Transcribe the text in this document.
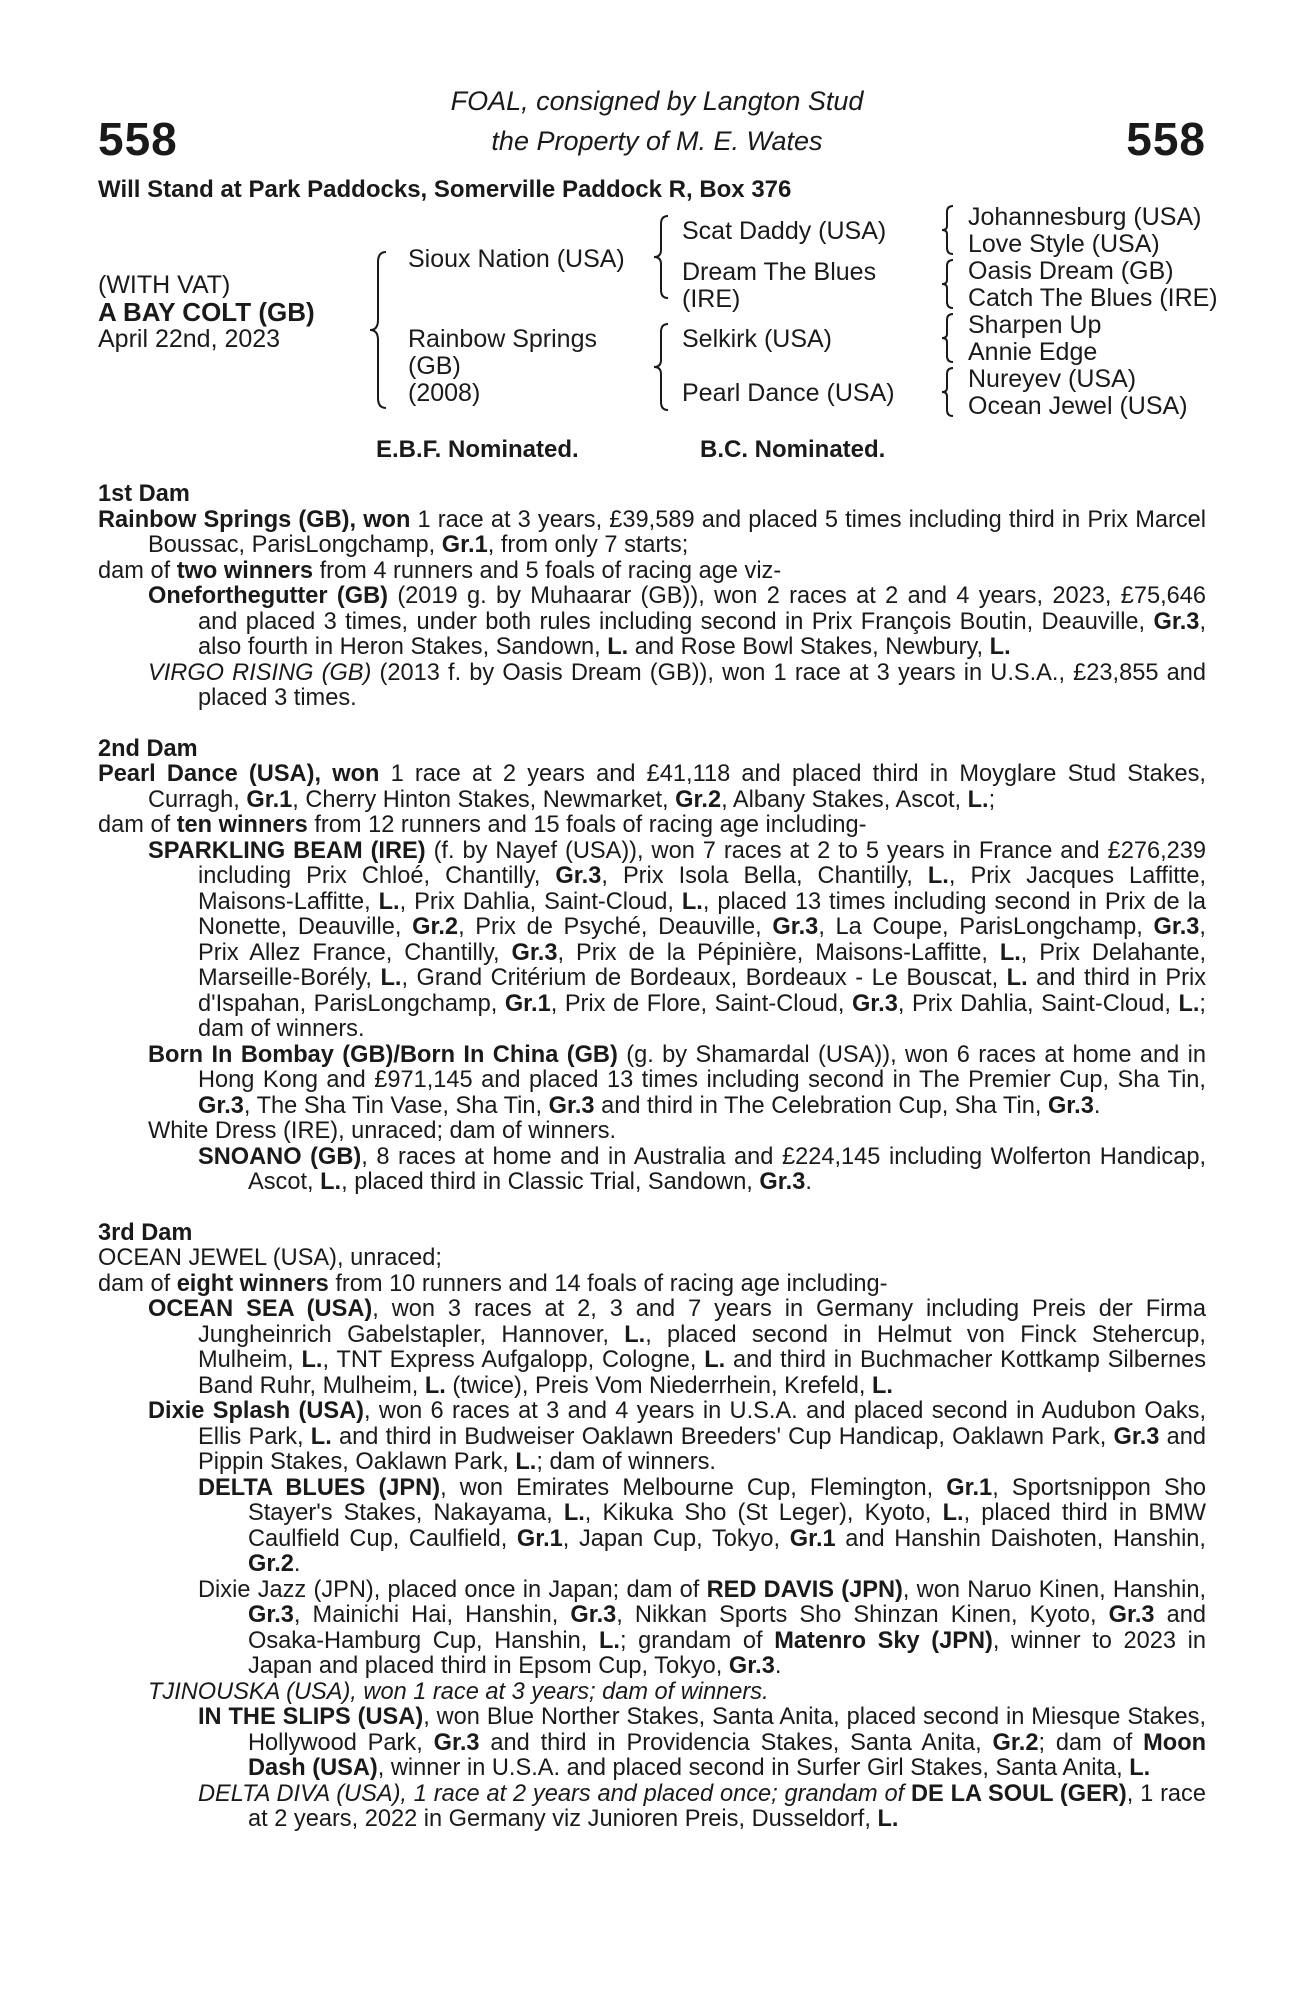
558	558
FOAL, consigned by Langton Stud
the Property of M. E. Wates
Will Stand at Park Paddocks, Somerville Paddock R, Box 376
(WITH VAT)
A BAY COLT (GB)
April 22nd, 2023
Sioux Nation (USA)
Rainbow Springs
(GB)
(2008)
Scat Daddy (USA)
Dream The Blues
(IRE)
Selkirk (USA)
Pearl Dance (USA)
Johannesburg (USA)
Love Style (USA)
Oasis Dream (GB)
Catch The Blues (IRE)
Sharpen Up
Annie Edge
Nureyev (USA)
Ocean Jewel (USA)
E.B.F. Nominated.	B.C. Nominated.

1st Dam

Rainbow Springs (GB), won 1 race at 3 years, £39,589 and placed 5 times including third in Prix Marcel Boussac, ParisLongchamp, Gr.1, from only 7 starts;

dam of two winners from 4 runners and 5 foals of racing age viz-

Oneforthegutter (GB) (2019 g. by Muhaarar (GB)), won 2 races at 2 and 4 years, 2023, £75,646 and placed 3 times, under both rules including second in Prix François Boutin, Deauville, Gr.3, also fourth in Heron Stakes, Sandown, L. and Rose Bowl Stakes, Newbury, L.

VIRGO RISING (GB) (2013 f. by Oasis Dream (GB)), won 1 race at 3 years in U.S.A., £23,855 and placed 3 times.

2nd Dam

Pearl Dance (USA), won 1 race at 2 years and £41,118 and placed third in Moyglare Stud Stakes, Curragh, Gr.1, Cherry Hinton Stakes, Newmarket, Gr.2, Albany Stakes, Ascot, L.;

dam of ten winners from 12 runners and 15 foals of racing age including-

SPARKLING BEAM (IRE) (f. by Nayef (USA)), won 7 races at 2 to 5 years in France and £276,239 including Prix Chloé, Chantilly, Gr.3, Prix Isola Bella, Chantilly, L., Prix Jacques Laffitte, Maisons-Laffitte, L., Prix Dahlia, Saint-Cloud, L., placed 13 times including second in Prix de la Nonette, Deauville, Gr.2, Prix de Psyché, Deauville, Gr.3, La Coupe, ParisLongchamp, Gr.3, Prix Allez France, Chantilly, Gr.3, Prix de la Pépinière, Maisons-Laffitte, L., Prix Delahante, Marseille-Borély, L., Grand Critérium de Bordeaux, Bordeaux - Le Bouscat, L. and third in Prix d'Ispahan, ParisLongchamp, Gr.1, Prix de Flore, Saint-Cloud, Gr.3, Prix Dahlia, Saint-Cloud, L.; dam of winners.

Born In Bombay (GB)/Born In China (GB) (g. by Shamardal (USA)), won 6 races at home and in Hong Kong and £971,145 and placed 13 times including second in The Premier Cup, Sha Tin, Gr.3, The Sha Tin Vase, Sha Tin, Gr.3 and third in The Celebration Cup, Sha Tin, Gr.3.

White Dress (IRE), unraced; dam of winners.

SNOANO (GB), 8 races at home and in Australia and £224,145 including Wolferton Handicap, Ascot, L., placed third in Classic Trial, Sandown, Gr.3.

3rd Dam

OCEAN JEWEL (USA), unraced;

dam of eight winners from 10 runners and 14 foals of racing age including-

OCEAN SEA (USA), won 3 races at 2, 3 and 7 years in Germany including Preis der Firma Jungheinrich Gabelstapler, Hannover, L., placed second in Helmut von Finck Stehercup, Mulheim, L., TNT Express Aufgalopp, Cologne, L. and third in Buchmacher Kottkamp Silbernes Band Ruhr, Mulheim, L. (twice), Preis Vom Niederrhein, Krefeld, L.

Dixie Splash (USA), won 6 races at 3 and 4 years in U.S.A. and placed second in Audubon Oaks, Ellis Park, L. and third in Budweiser Oaklawn Breeders' Cup Handicap, Oaklawn Park, Gr.3 and Pippin Stakes, Oaklawn Park, L.; dam of winners.

DELTA BLUES (JPN), won Emirates Melbourne Cup, Flemington, Gr.1, Sportsnippon Sho Stayer's Stakes, Nakayama, L., Kikuka Sho (St Leger), Kyoto, L., placed third in BMW Caulfield Cup, Caulfield, Gr.1, Japan Cup, Tokyo, Gr.1 and Hanshin Daishoten, Hanshin, Gr.2.

Dixie Jazz (JPN), placed once in Japan; dam of RED DAVIS (JPN), won Naruo Kinen, Hanshin, Gr.3, Mainichi Hai, Hanshin, Gr.3, Nikkan Sports Sho Shinzan Kinen, Kyoto, Gr.3 and Osaka-Hamburg Cup, Hanshin, L.; grandam of Matenro Sky (JPN), winner to 2023 in Japan and placed third in Epsom Cup, Tokyo, Gr.3.

TJINOUSKA (USA), won 1 race at 3 years; dam of winners.

IN THE SLIPS (USA), won Blue Norther Stakes, Santa Anita, placed second in Miesque Stakes, Hollywood Park, Gr.3 and third in Providencia Stakes, Santa Anita, Gr.2; dam of Moon Dash (USA), winner in U.S.A. and placed second in Surfer Girl Stakes, Santa Anita, L.

DELTA DIVA (USA), 1 race at 2 years and placed once; grandam of DE LA SOUL (GER), 1 race at 2 years, 2022 in Germany viz Junioren Preis, Dusseldorf, L.
